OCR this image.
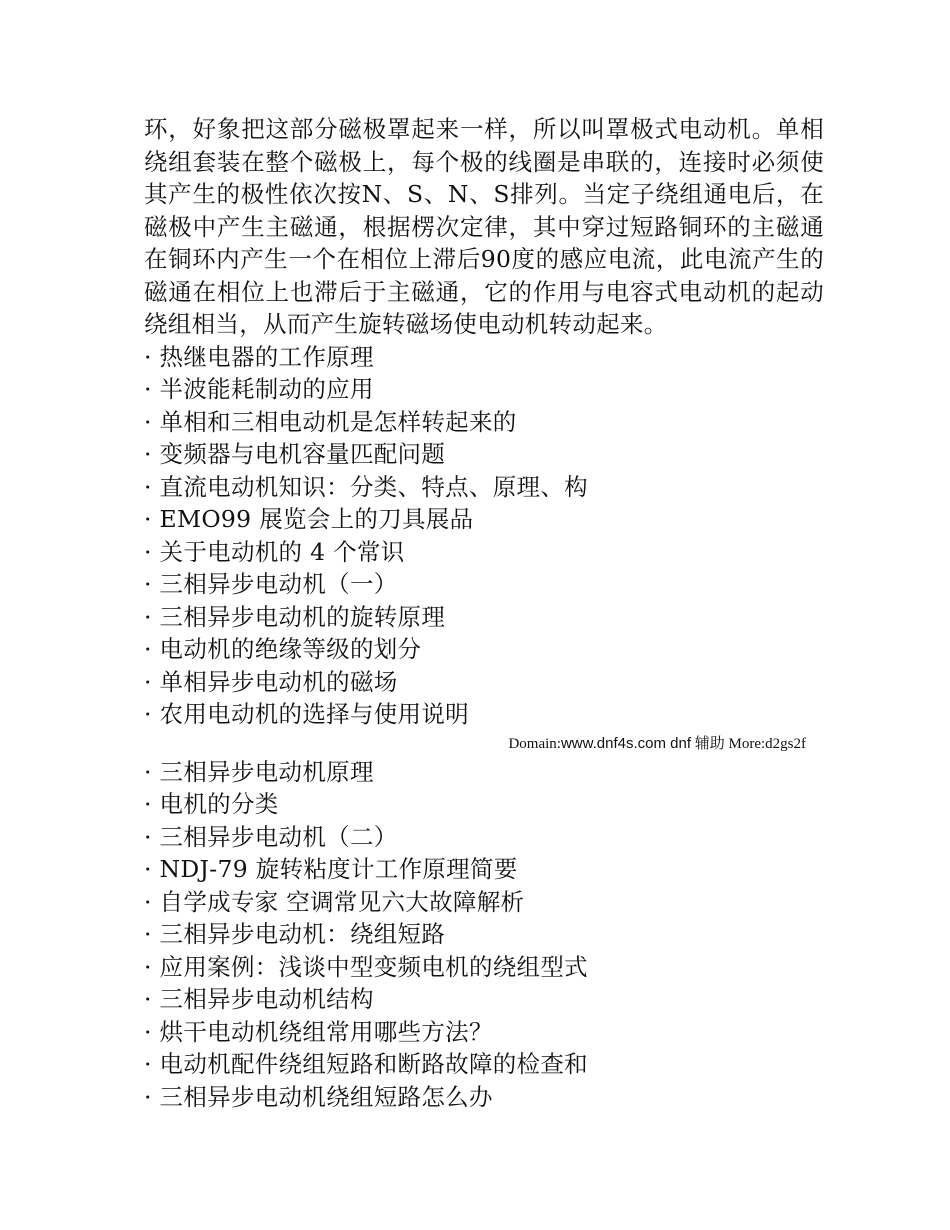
环，好象把这部分磁极罩起来一样，所以叫罩极式电动机。单相绕组套装在整个磁极上，每个极的线圈是串联的，连接时必须使其产生的极性依次按N、S、N、S排列。当定子绕组通电后，在磁极中产生主磁通，根据楞次定律，其中穿过短路铜环的主磁通在铜环内产生一个在相位上滞后90度的感应电流，此电流产生的磁通在相位上也滞后于主磁通，它的作用与电容式电动机的起动绕组相当，从而产生旋转磁场使电动机转动起来。

· 热继电器的工作原理
· 半波能耗制动的应用
· 单相和三相电动机是怎样转起来的
· 变频器与电机容量匹配问题
· 直流电动机知识：分类、特点、原理、构
· EMO99 展览会上的刀具展品
· 关于电动机的 4 个常识
· 三相异步电动机（一）
· 三相异步电动机的旋转原理
· 电动机的绝缘等级的划分
· 单相异步电动机的磁场
· 农用电动机的选择与使用说明
Domain:www.dnf4s.com dnf 辅助 More:d2gs2f
· 三相异步电动机原理
· 电机的分类
· 三相异步电动机（二）
· NDJ-79 旋转粘度计工作原理简要
· 自学成专家 空调常见六大故障解析
· 三相异步电动机：绕组短路
· 应用案例：浅谈中型变频电机的绕组型式
· 三相异步电动机结构
· 烘干电动机绕组常用哪些方法？
· 电动机配件绕组短路和断路故障的检查和
· 三相异步电动机绕组短路怎么办
